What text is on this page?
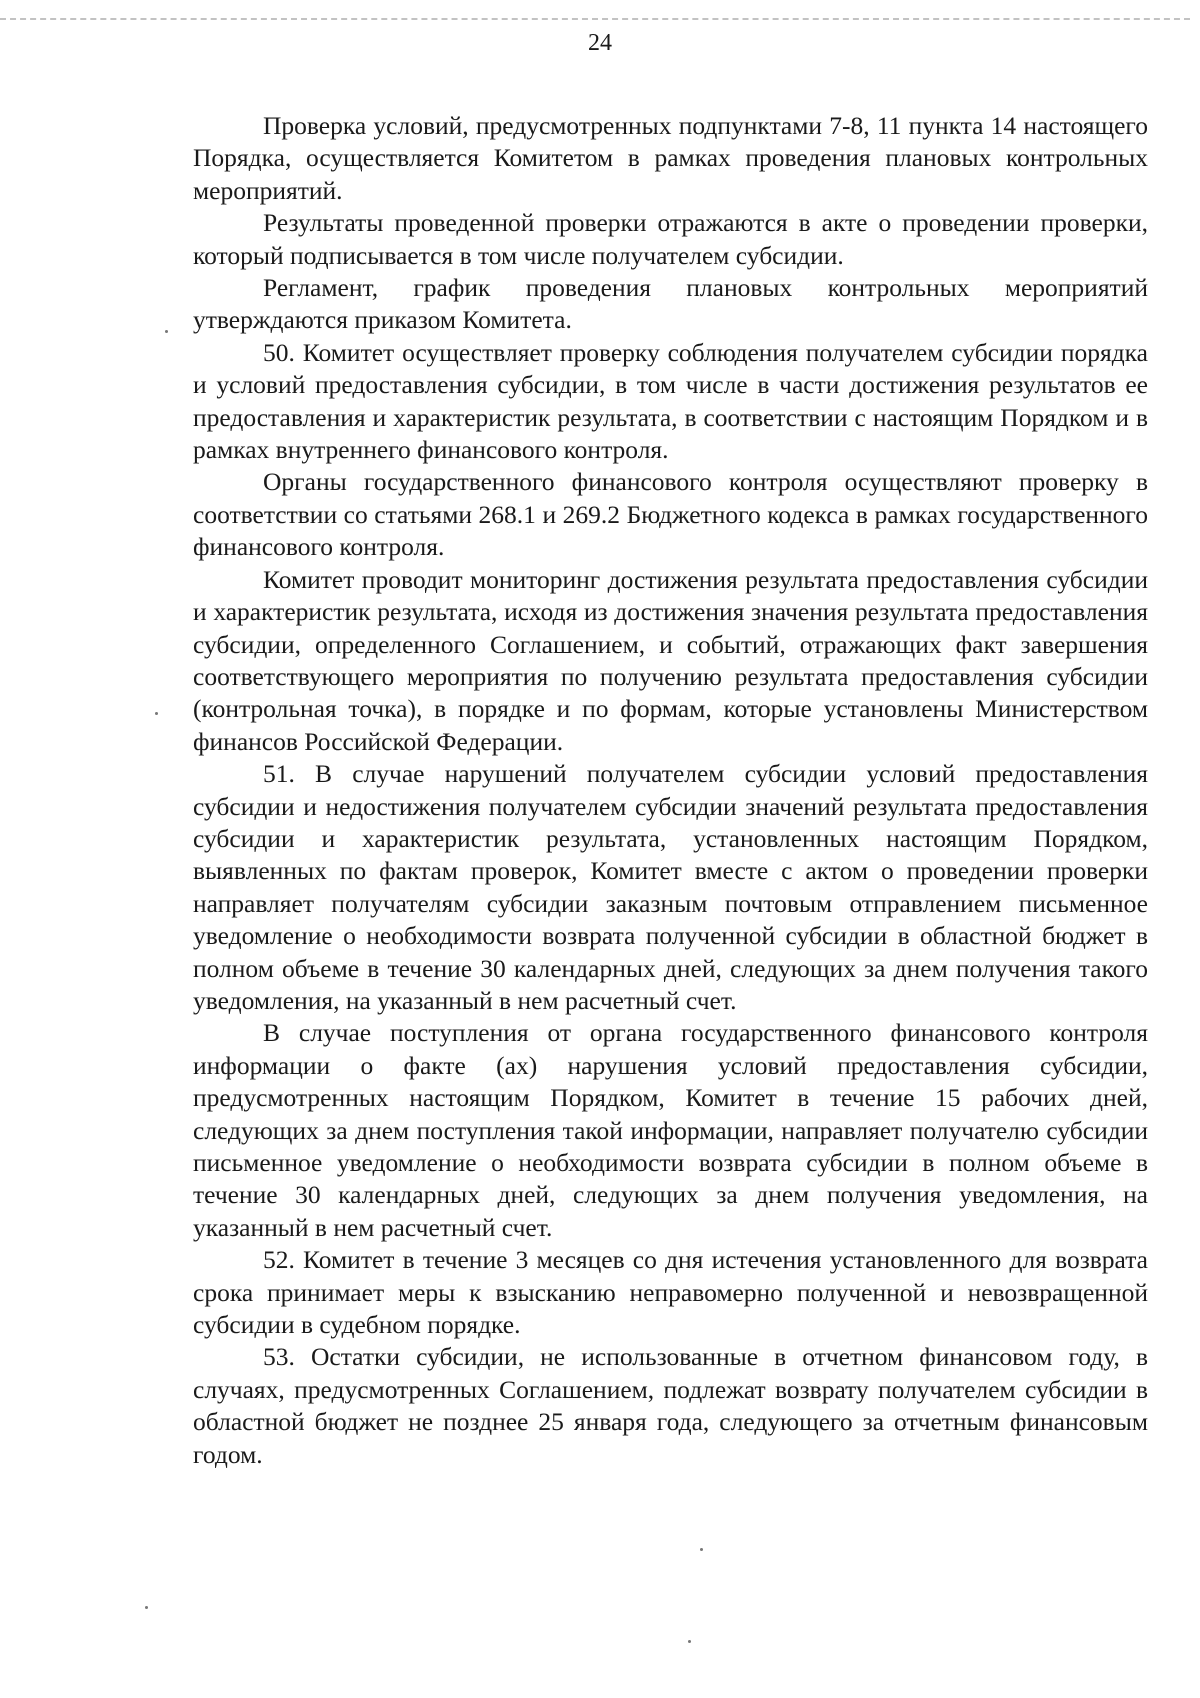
24

Проверка условий, предусмотренных подпунктами 7-8, 11 пункта 14 настоящего Порядка, осуществляется Комитетом в рамках проведения плановых контрольных мероприятий.

Результаты проведенной проверки отражаются в акте о проведении проверки, который подписывается в том числе получателем субсидии.

Регламент, график проведения плановых контрольных мероприятий утверждаются приказом Комитета.

50. Комитет осуществляет проверку соблюдения получателем субсидии порядка и условий предоставления субсидии, в том числе в части достижения результатов ее предоставления и характеристик результата, в соответствии с настоящим Порядком и в рамках внутреннего финансового контроля.

Органы государственного финансового контроля осуществляют проверку в соответствии со статьями 268.1 и 269.2 Бюджетного кодекса в рамках государственного финансового контроля.

Комитет проводит мониторинг достижения результата предоставления субсидии и характеристик результата, исходя из достижения значения результата предоставления субсидии, определенного Соглашением, и событий, отражающих факт завершения соответствующего мероприятия по получению результата предоставления субсидии (контрольная точка), в порядке и по формам, которые установлены Министерством финансов Российской Федерации.

51. В случае нарушений получателем субсидии условий предоставления субсидии и недостижения получателем субсидии значений результата предоставления субсидии и характеристик результата, установленных настоящим Порядком, выявленных по фактам проверок, Комитет вместе с актом о проведении проверки направляет получателям субсидии заказным почтовым отправлением письменное уведомление о необходимости возврата полученной субсидии в областной бюджет в полном объеме в течение 30 календарных дней, следующих за днем получения такого уведомления, на указанный в нем расчетный счет.

В случае поступления от органа государственного финансового контроля информации о факте (ах) нарушения условий предоставления субсидии, предусмотренных настоящим Порядком, Комитет в течение 15 рабочих дней, следующих за днем поступления такой информации, направляет получателю субсидии письменное уведомление о необходимости возврата субсидии в полном объеме в течение 30 календарных дней, следующих за днем получения уведомления, на указанный в нем расчетный счет.

52. Комитет в течение 3 месяцев со дня истечения установленного для возврата срока принимает меры к взысканию неправомерно полученной и невозвращенной субсидии в судебном порядке.

53. Остатки субсидии, не использованные в отчетном финансовом году, в случаях, предусмотренных Соглашением, подлежат возврату получателем субсидии в областной бюджет не позднее 25 января года, следующего за отчетным финансовым годом.
